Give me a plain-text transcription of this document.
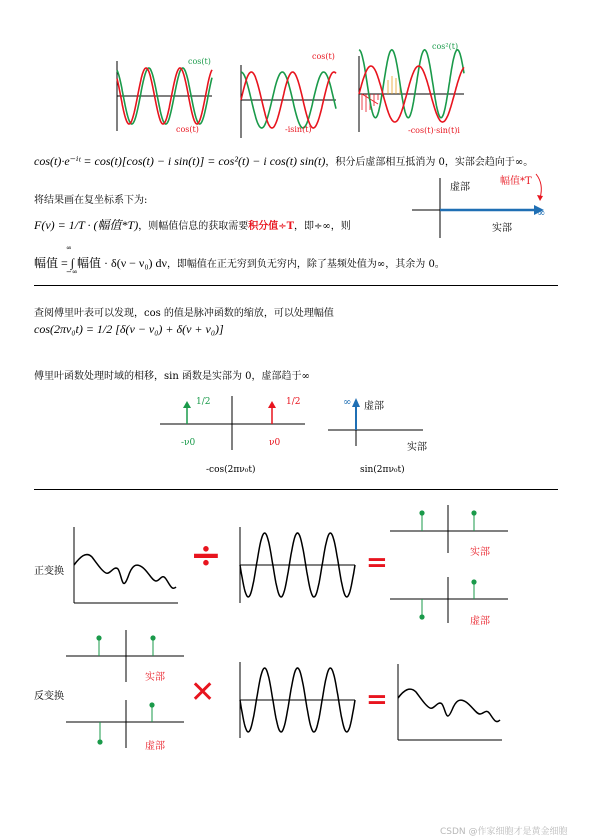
cos(t)
cos(t)
cos(t)
-isin(t)
cos²(t)
-cos(t)·sin(t)i
cos(t)·e⁻ⁱᵗ = cos(t)[cos(t) − i sin(t)] = cos²(t) − i cos(t) sin(t)，积分后虚部相互抵消为 0，实部会趋向于∞。
将结果画在复坐标系下为:
F(ν) = 1/T · (幅值*T)，则幅值信息的获取需要积分值÷T，即÷∞，则
∞
−∞
幅值 = ∫ 幅值 · δ(ν − ν₀) dν，即幅值在正无穷到负无穷内，除了基频处值为∞，其余为 0。
虚部
实部
幅值*T
∞
查阅傅里叶表可以发现，cos 的值是脉冲函数的缩放，可以处理幅值
cos(2πν₀t) = 1/2 [δ(ν − ν₀) + δ(ν + ν₀)]
傅里叶函数处理时域的相移，sin 函数是实部为 0，虚部趋于∞
1/2	1/2
-ν0	ν0
-cos(2πν₀t)
∞ 虚部
实部
sin(2πν₀t)
正变换	÷	=	实部
虚部
反变换
实部
虚部
✕	=
CSDN @作家细胞才是黄金细胞
